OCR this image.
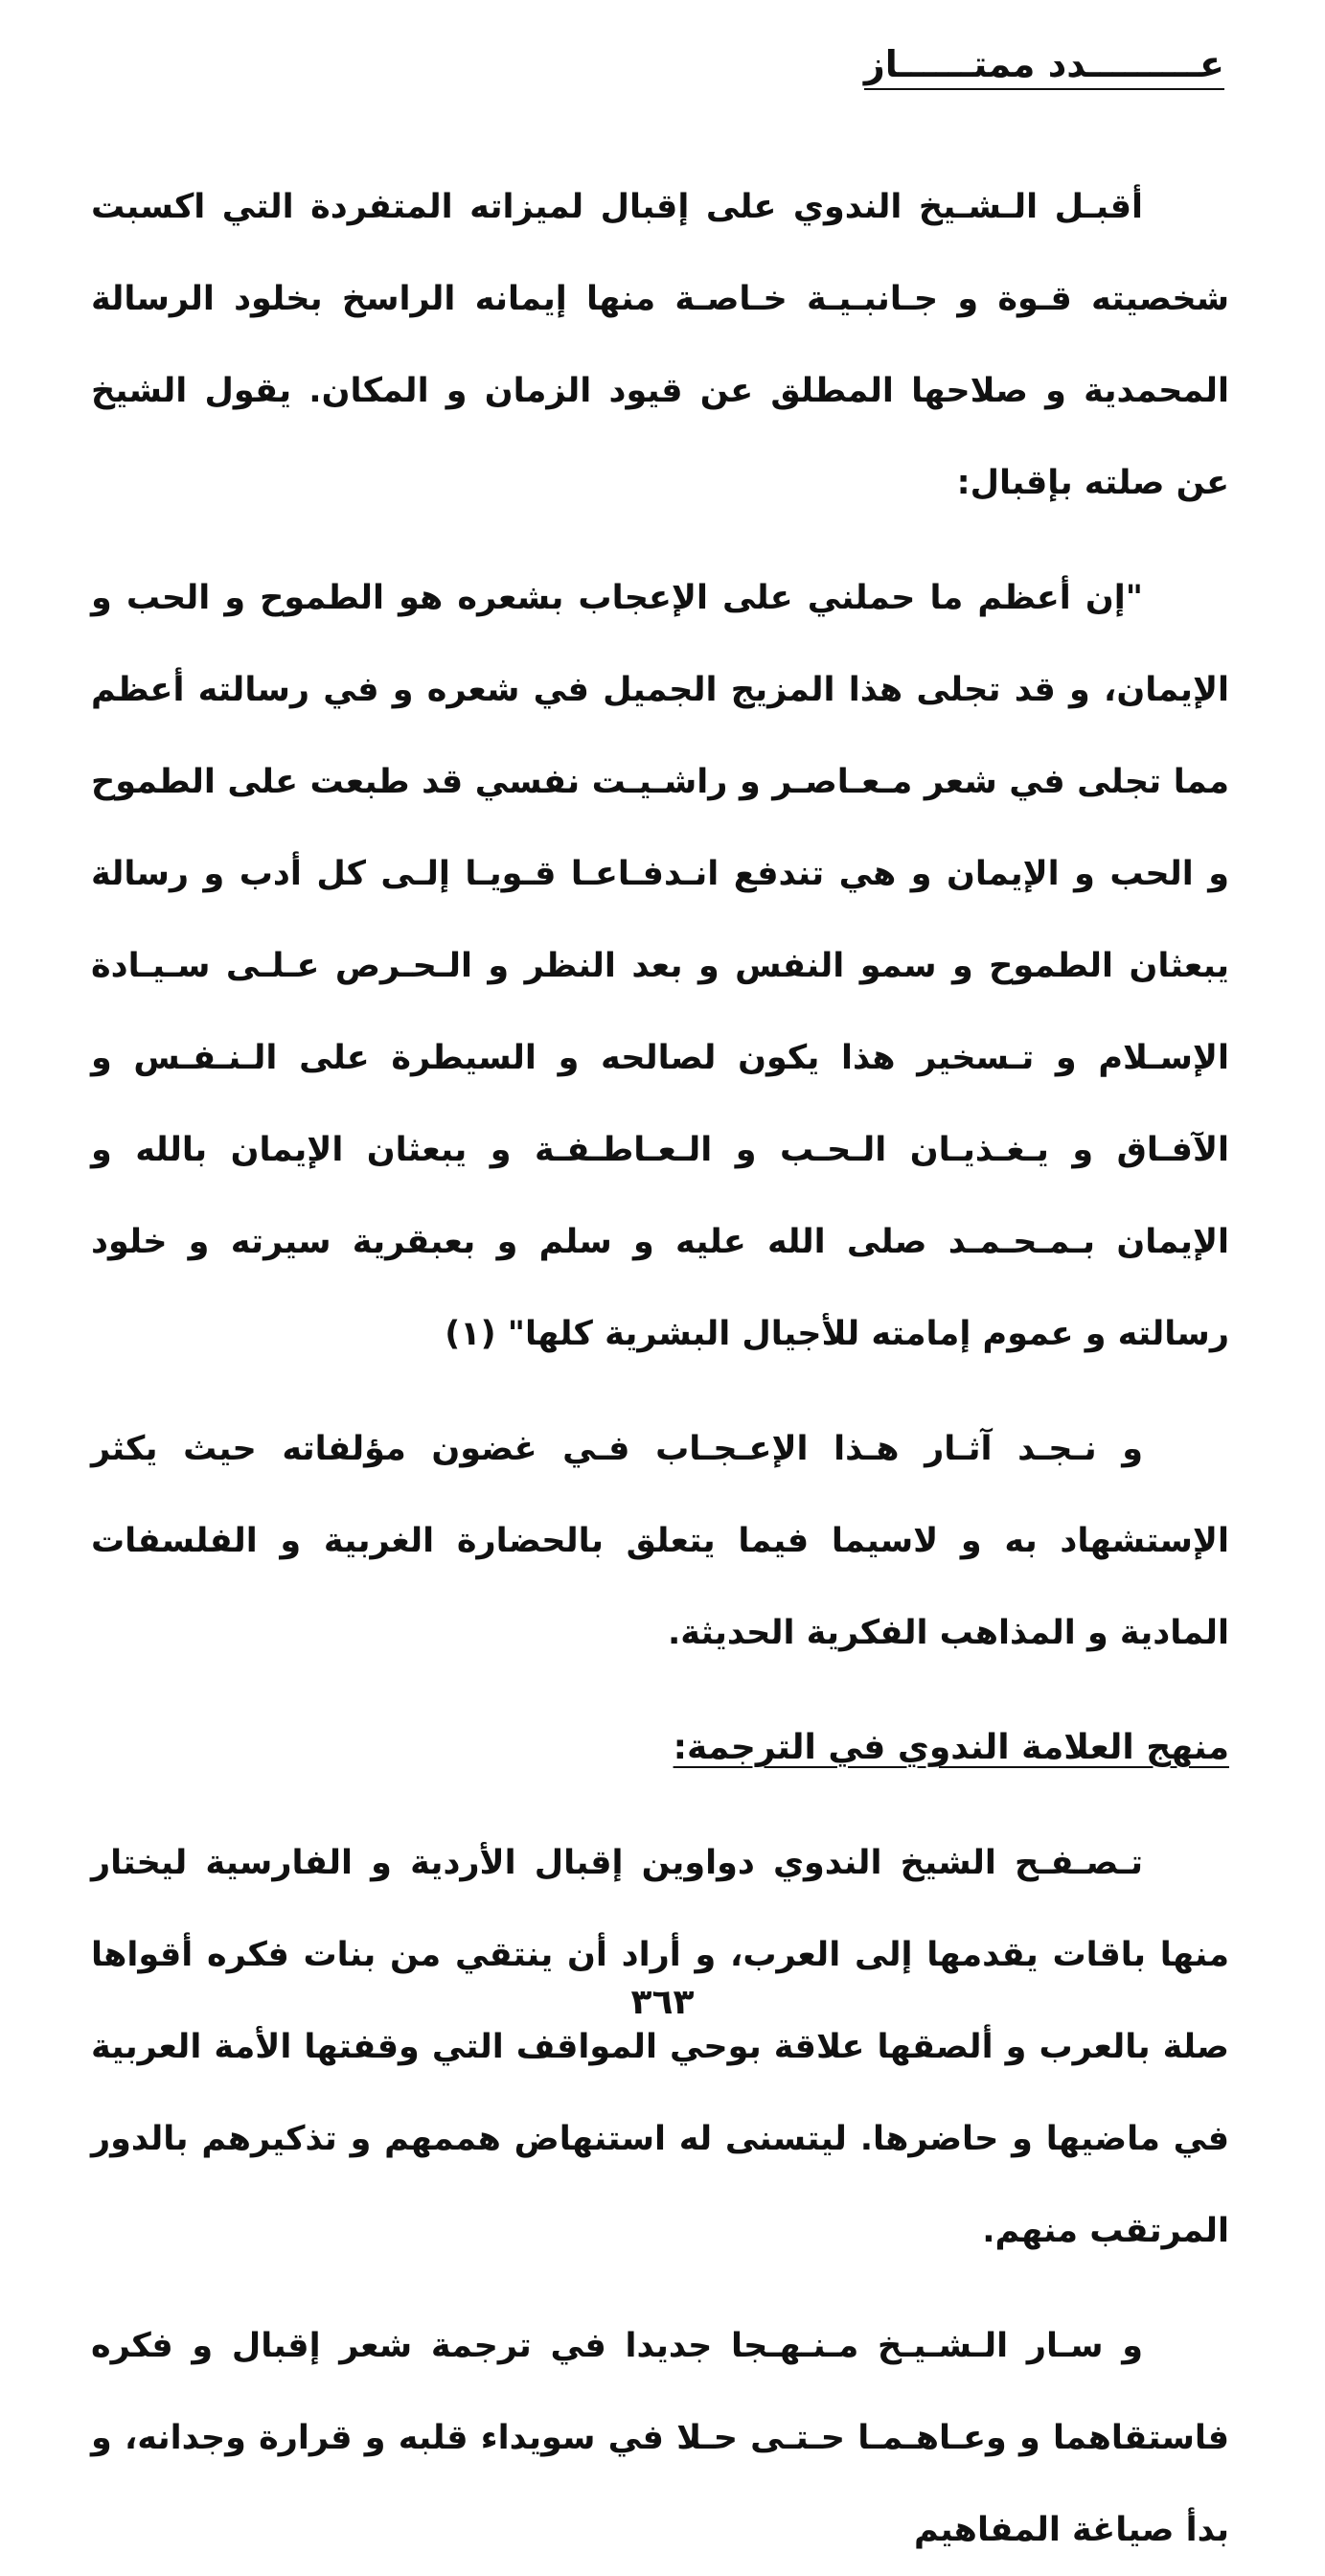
عـــــــــدد ممتــــــاز

أقبـل الـشـيخ الندوي على إقبال لميزاته المتفردة التي اكسبت شخصيته قـوة و جـانبـيـة خـاصـة منها إيمانه الراسخ بخلود الرسالة المحمدية و صلاحها المطلق عن قيود الزمان و المكان. يقول الشيخ عن صلته بإقبال:

"إن أعظم ما حملني على الإعجاب بشعره هو الطموح و الحب و الإيمان، و قد تجلى هذا المزيج الجميل في شعره و في رسالته أعظم مما تجلى في شعر مـعـاصـر و راشـيـت نفسي قد طبعت على الطموح و الحب و الإيمان و هي تندفع انـدفـاعـا قـويـا إلـى كل أدب و رسالة يبعثان الطموح و سمو النفس و بعد النظر و الـحـرص عـلـى سـيـادة الإسـلام و تـسخير هذا يكون لصالحه و السيطرة على الـنـفـس و الآفـاق و يـغـذيـان الـحـب و الـعـاطـفـة و يبعثان الإيمان بالله و الإيمان بـمـحـمـد صلى الله عليه و سلم و بعبقرية سيرته و خلود رسالته و عموم إمامته للأجيال البشرية كلها" (١)

و نـجـد آثـار هـذا الإعـجـاب فـي غضون مؤلفاته حيث يكثر الإستشهاد به و لاسيما فيما يتعلق بالحضارة الغربية و الفلسفات المادية و المذاهب الفكرية الحديثة.

منهج العلامة الندوي في الترجمة:

تـصـفـح الشيخ الندوي دواوين إقبال الأردية و الفارسية ليختار منها باقات يقدمها إلى العرب، و أراد أن ينتقي من بنات فكره أقواها صلة بالعرب و ألصقها علاقة بوحي المواقف التي وقفتها الأمة العربية في ماضيها و حاضرها. ليتسنى له استنهاض هممهم و تذكيرهم بالدور المرتقب منهم.

و سـار الـشـيـخ مـنـهـجا جديدا في ترجمة شعر إقبال و فكره فاستقاهما و وعـاهـمـا حـتـى حـلا في سويداء قلبه و قرارة وجدانه، و بدأ صياغة المفاهيم

٣٦٣
